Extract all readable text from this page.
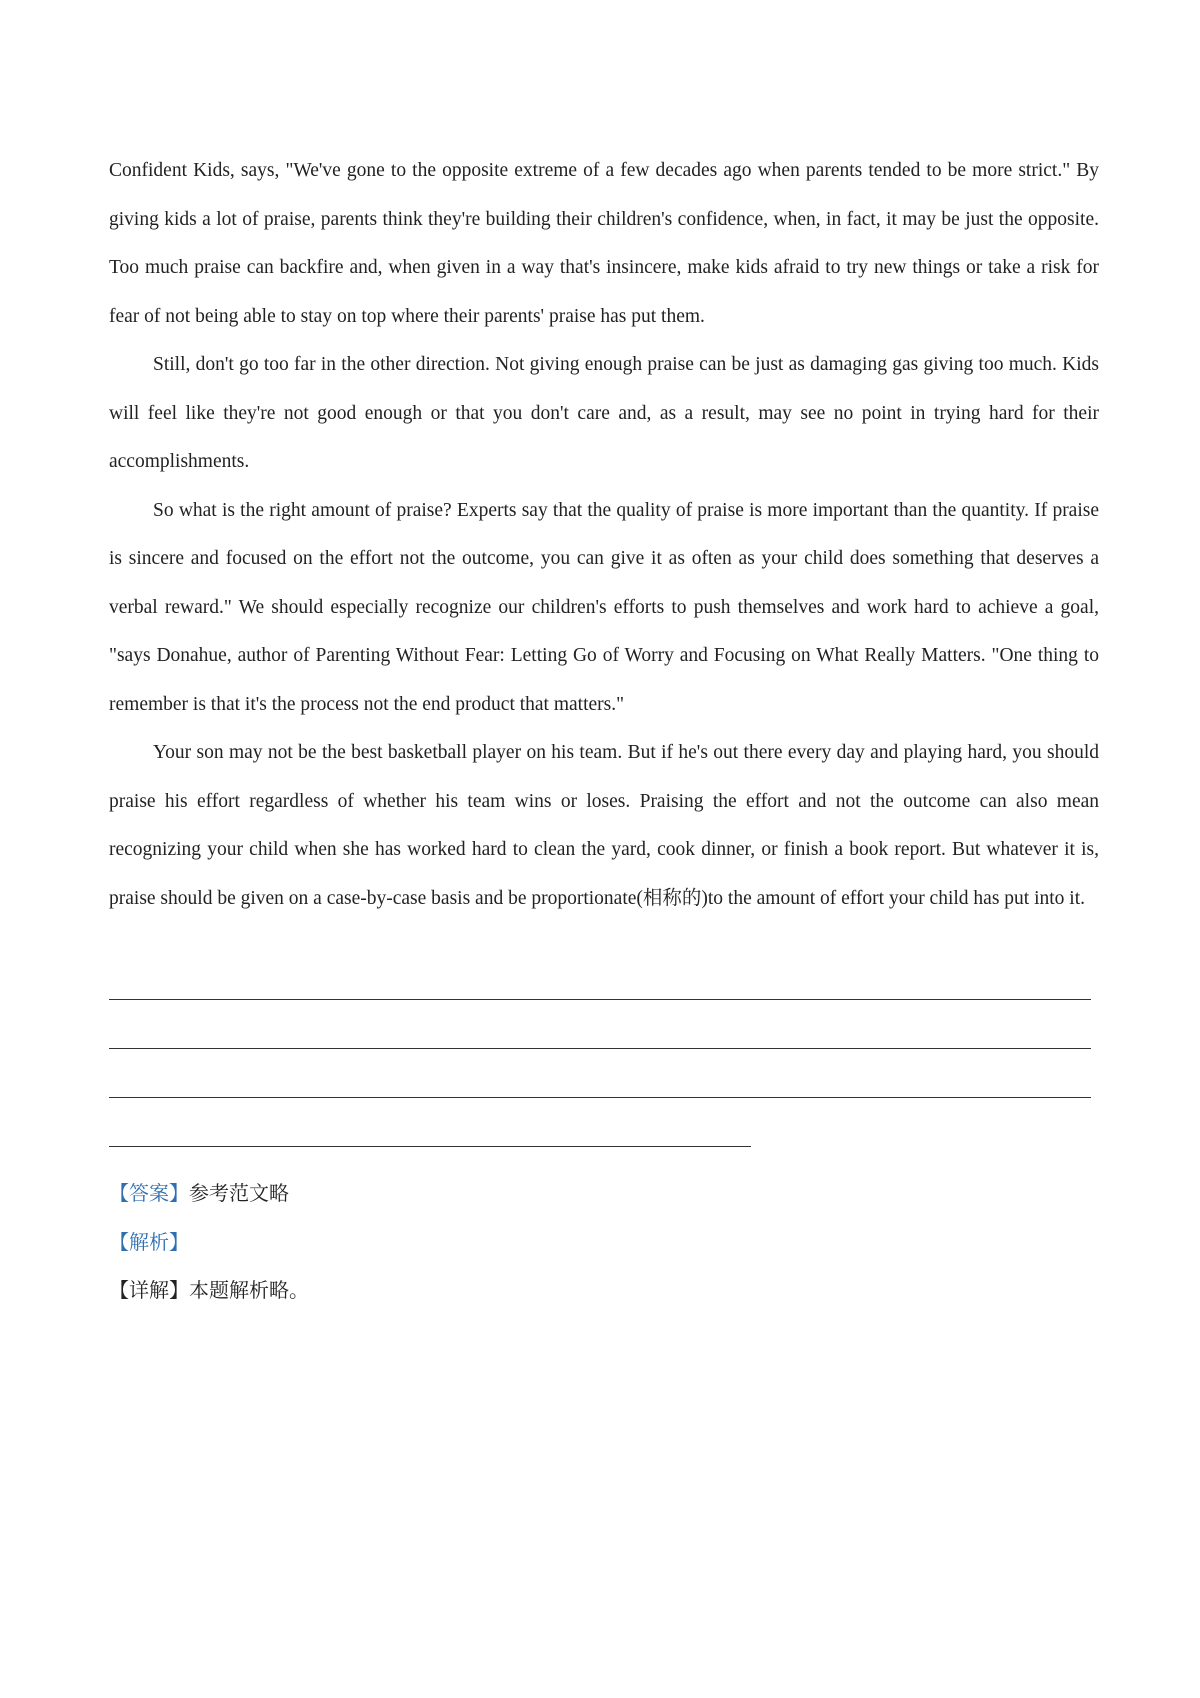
Confident Kids, says, "We've gone to the opposite extreme of a few decades ago when parents tended to be more strict." By giving kids a lot of praise, parents think they're building their children's confidence, when, in fact, it may be just the opposite. Too much praise can backfire and, when given in a way that's insincere, make kids afraid to try new things or take a risk for fear of not being able to stay on top where their parents' praise has put them.

Still, don't go too far in the other direction. Not giving enough praise can be just as damaging gas giving too much. Kids will feel like they're not good enough or that you don't care and, as a result, may see no point in trying hard for their accomplishments.

So what is the right amount of praise? Experts say that the quality of praise is more important than the quantity. If praise is sincere and focused on the effort not the outcome, you can give it as often as your child does something that deserves a verbal reward." We should especially recognize our children's efforts to push themselves and work hard to achieve a goal, "says Donahue, author of Parenting Without Fear: Letting Go of Worry and Focusing on What Really Matters. "One thing to remember is that it's the process not the end product that matters."

Your son may not be the best basketball player on his team. But if he's out there every day and playing hard, you should praise his effort regardless of whether his team wins or loses. Praising the effort and not the outcome can also mean recognizing your child when she has worked hard to clean the yard, cook dinner, or finish a book report. But whatever it is, praise should be given on a case-by-case basis and be proportionate(相称的)to the amount of effort your child has put into it.

【答案】参考范文略
【解析】
【详解】本题解析略。
